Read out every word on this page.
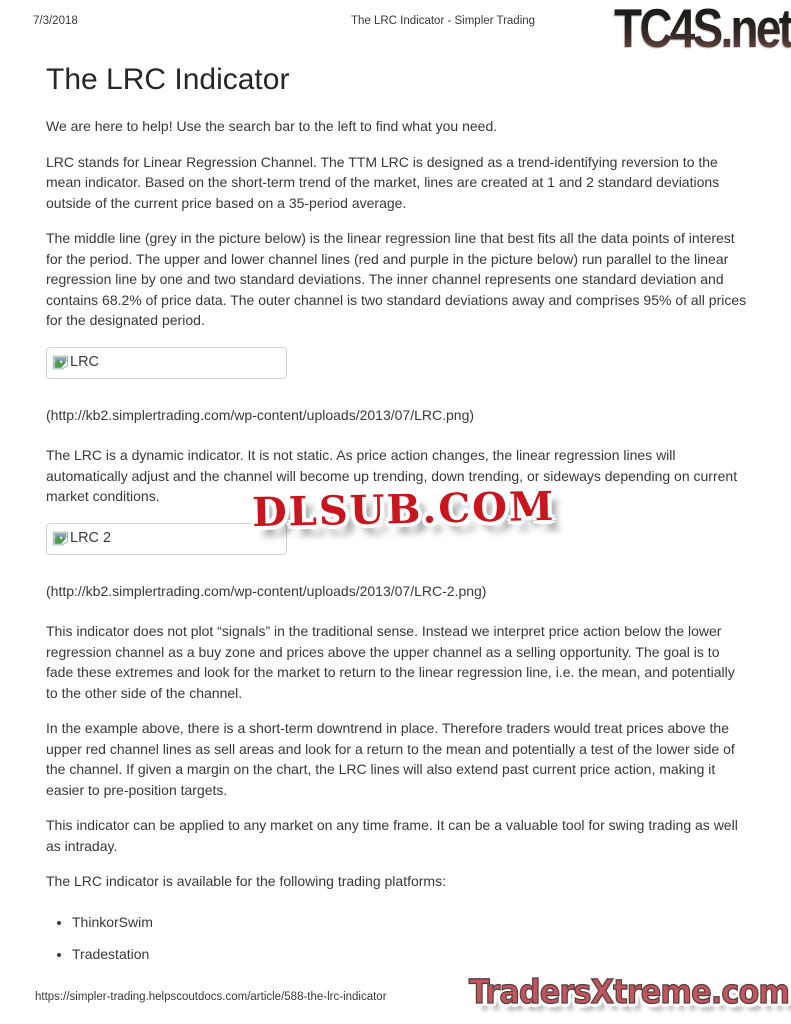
7/3/2018	The LRC Indicator - Simpler Trading TC4S.net
The LRC Indicator

We are here to help! Use the search bar to the left to find what you need.

LRC stands for Linear Regression Channel. The TTM LRC is designed as a trend-identifying reversion to the mean indicator. Based on the short-term trend of the market, lines are created at 1 and 2 standard deviations outside of the current price based on a 35-period average.

The middle line (grey in the picture below) is the linear regression line that best fits all the data points of interest for the period. The upper and lower channel lines (red and purple in the picture below) run parallel to the linear regression line by one and two standard deviations. The inner channel represents one standard deviation and contains 68.2% of price data. The outer channel is two standard deviations away and comprises 95% of all prices for the designated period.

LRC

(http://kb2.simplertrading.com/wp-content/uploads/2013/07/LRC.png)

The LRC is a dynamic indicator. It is not static. As price action changes, the linear regression lines will automatically adjust and the channel will become up trending, down trending, or sideways depending on current market conditions.

LRC 2

(http://kb2.simplertrading.com/wp-content/uploads/2013/07/LRC-2.png)

This indicator does not plot “signals” in the traditional sense. Instead we interpret price action below the lower regression channel as a buy zone and prices above the upper channel as a selling opportunity. The goal is to fade these extremes and look for the market to return to the linear regression line, i.e. the mean, and potentially to the other side of the channel.

In the example above, there is a short-term downtrend in place. Therefore traders would treat prices above the upper red channel lines as sell areas and look for a return to the mean and potentially a test of the lower side of the channel. If given a margin on the chart, the LRC lines will also extend past current price action, making it easier to pre-position targets.

This indicator can be applied to any market on any time frame. It can be a valuable tool for swing trading as well as intraday.

The LRC indicator is available for the following trading platforms:

• ThinkorSwim
• Tradestation
DLSUB.COM
https://simpler-trading.helpscoutdocs.com/article/588-the-lrc-indicator TradersXtreme.com
